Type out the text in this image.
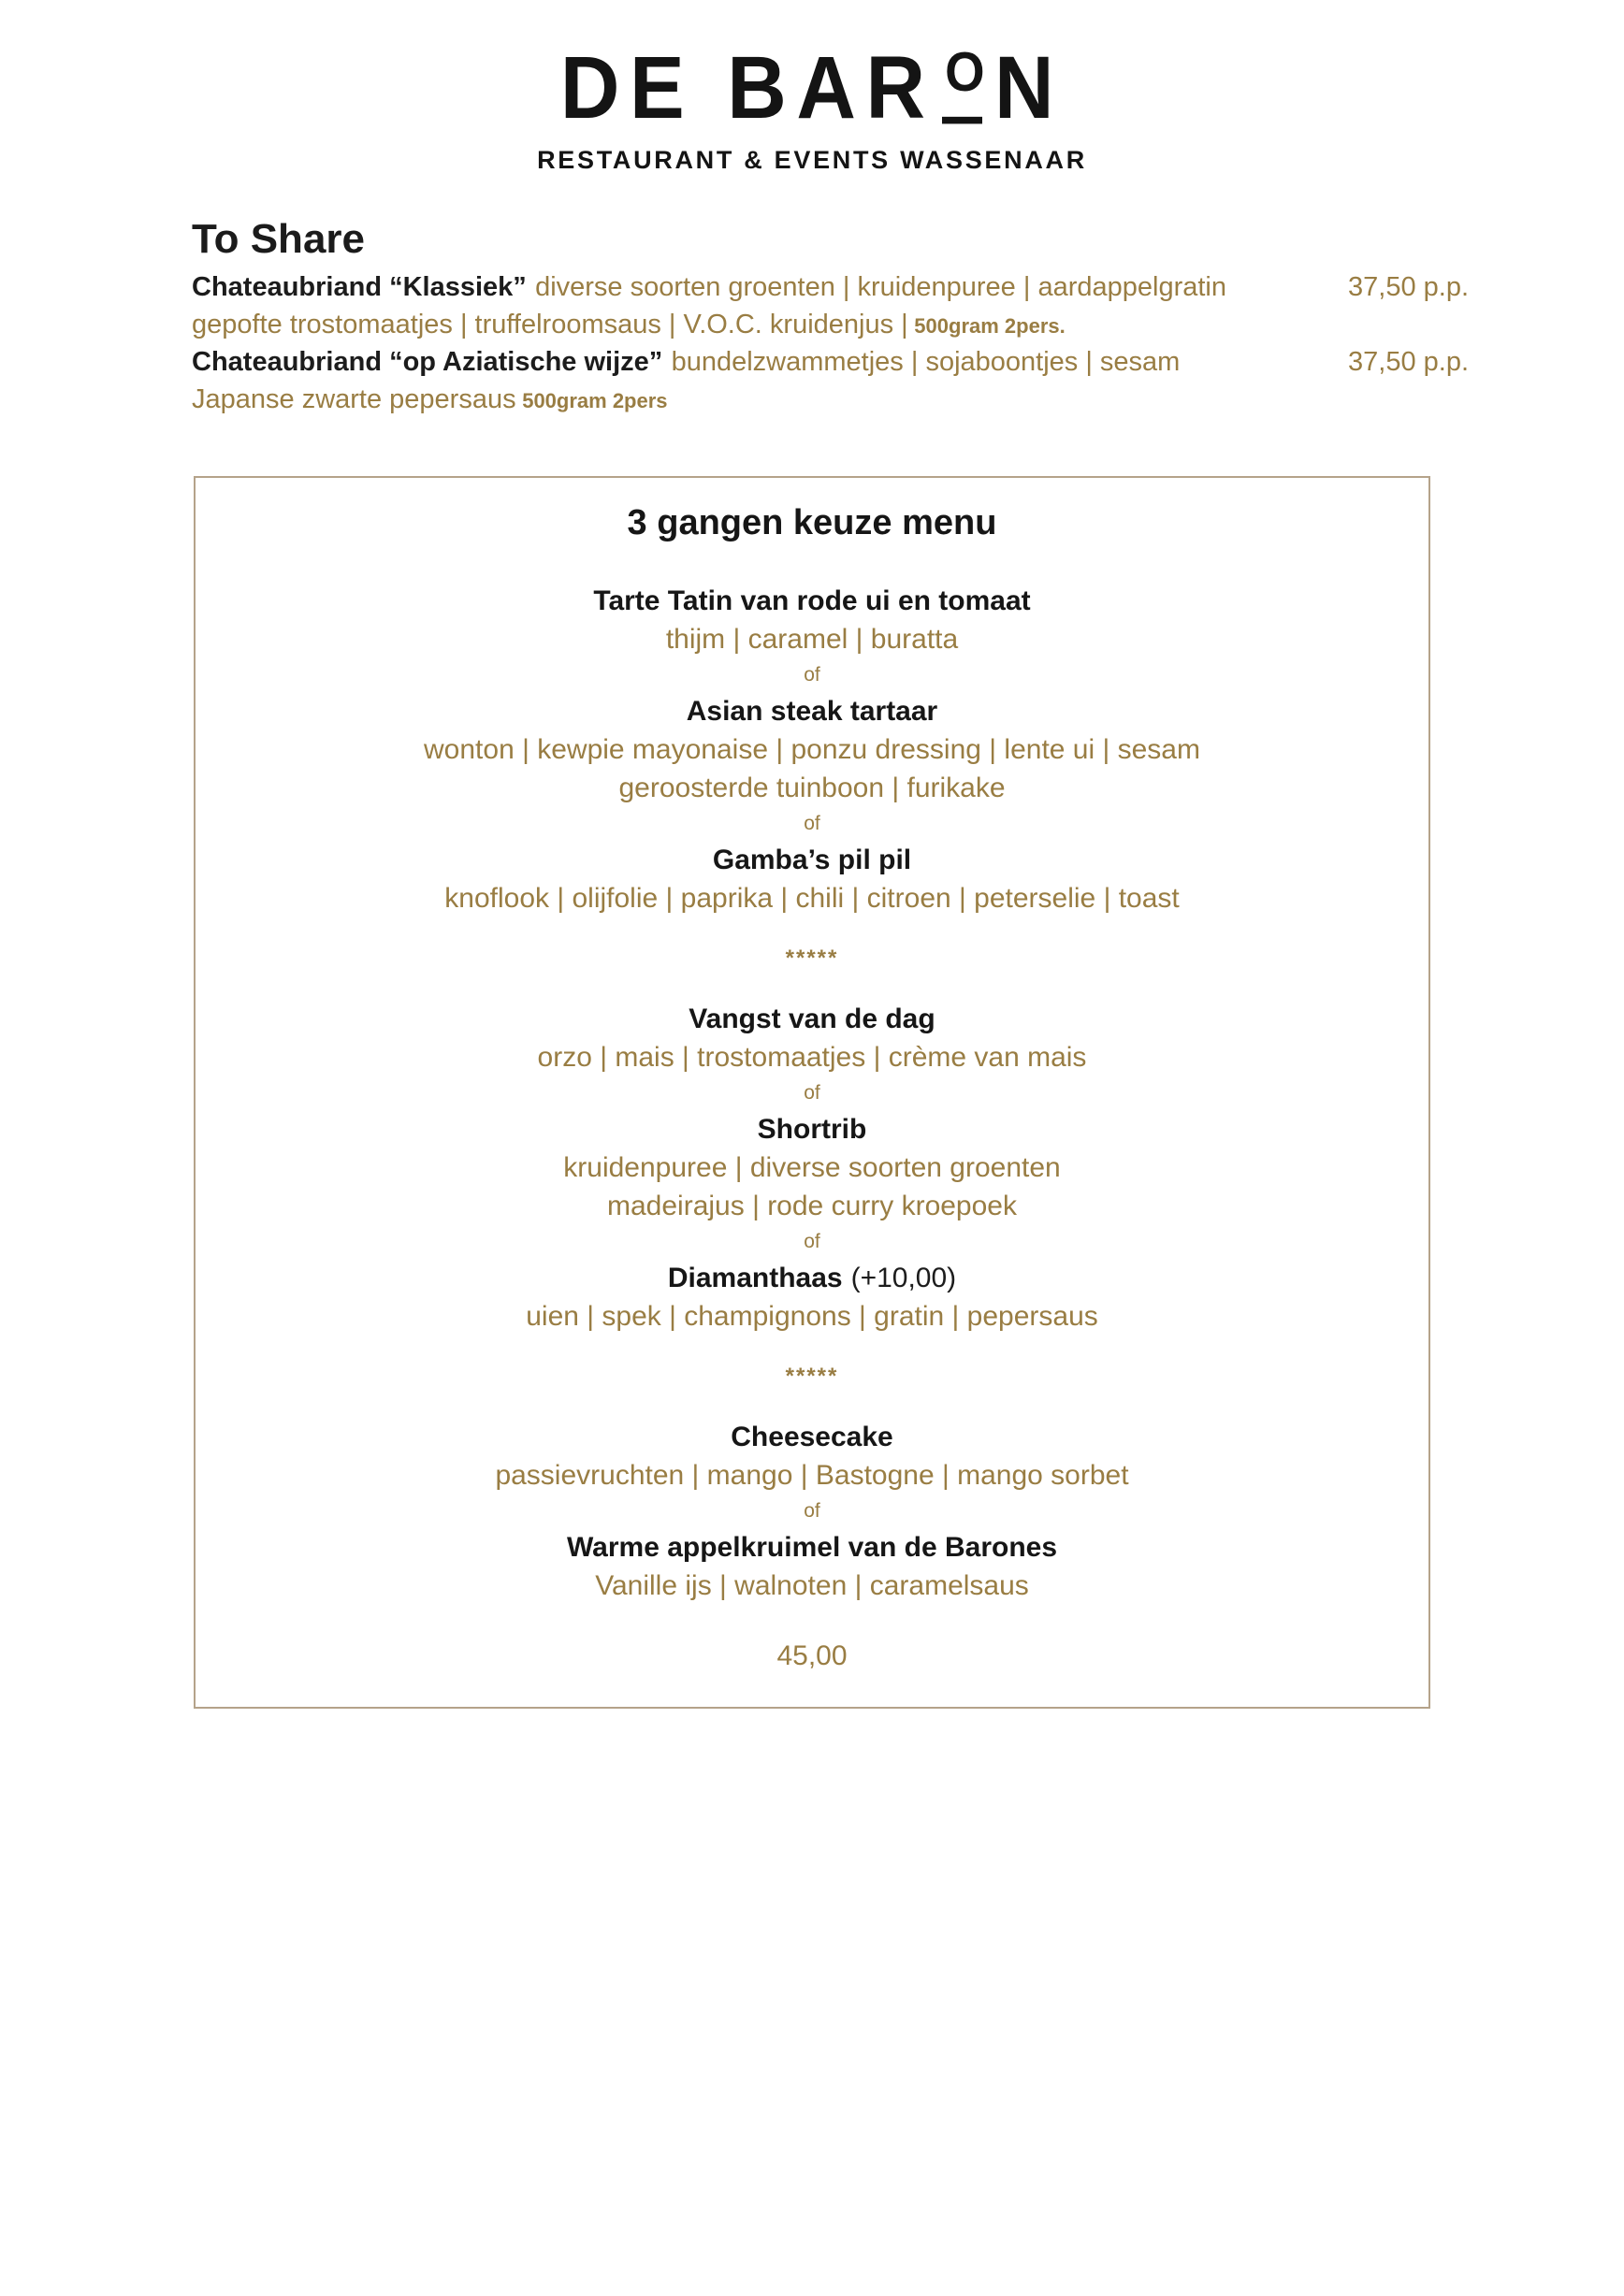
DE BAR O N
RESTAURANT & EVENTS WASSENAAR
To Share
Chateaubriand “Klassiek” diverse soorten groenten | kruidenpuree | aardappelgratin	37,50 p.p.
gepofte trostomaatjes | truffelroomsaus | V.O.C. kruidenjus | 500gram 2pers.
Chateaubriand “op Aziatische wijze” bundelzwammetjes | sojaboontjes | sesam	37,50 p.p.
Japanse zwarte pepersaus 500gram 2pers
3 gangen keuze menu
Tarte Tatin van rode ui en tomaat
thijm | caramel | buratta
of
Asian steak tartaar
wonton | kewpie mayonaise | ponzu dressing | lente ui | sesam
geroosterde tuinboon | furikake
of
Gamba’s pil pil
knoflook | olijfolie | paprika | chili | citroen | peterselie | toast
*****
Vangst van de dag
orzo | mais | trostomaatjes | crème van mais
of
Shortrib
kruidenpuree | diverse soorten groenten
madeirajus | rode curry kroepoek
of
Diamanthaas (+10,00)
uien | spek | champignons | gratin | pepersaus
*****
Cheesecake
passievruchten | mango | Bastogne | mango sorbet
of
Warme appelkruimel van de Barones
Vanille ijs | walnoten | caramelsaus
45,00
